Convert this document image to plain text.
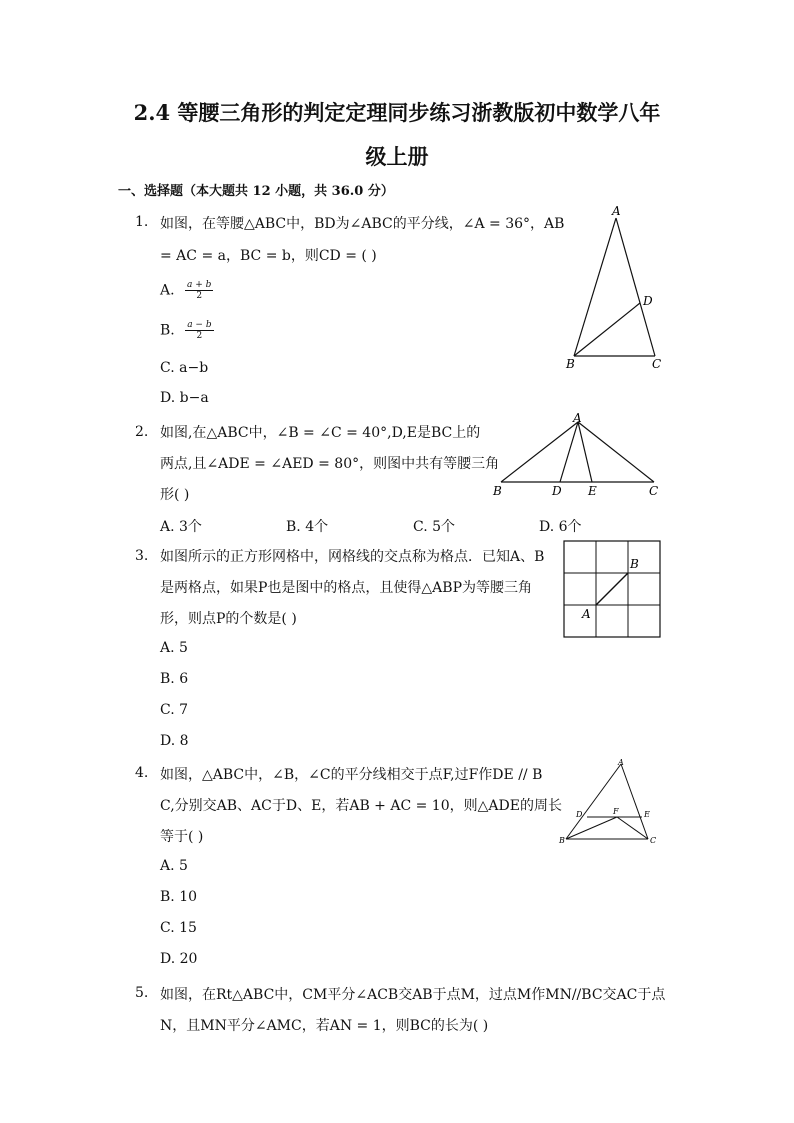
2.4 等腰三角形的判定定理同步练习浙教版初中数学八年
级上册
一、选择题（本大题共 12 小题，共 36.0 分）
1. 如图，在等腰△ABC中，BD为∠ABC的平分线，∠A = 36°，AB
= AC = a，BC = b，则CD = ( )
A. $\frac{a + b}{2}$
B. $\frac{a - b}{2}$
C. a−b
D. b−a
A
B	C
D
2. 如图,在△ABC中，∠B = ∠C = 40°,D,E是BC上的
两点,且∠ADE = ∠AED = 80°，则图中共有等腰三角
形( )
A. 3个	B. 4个	C. 5个	D. 6个
A
B	D E	C
3. 如图所示的正方形网格中，网格线的交点称为格点．已知A、B
是两格点，如果P也是图中的格点，且使得△ABP为等腰三角
形，则点P的个数是( )
A. 5
B. 6
C. 7
D. 8
B
A
4. 如图，△ABC中，∠B，∠C的平分线相交于点F,过F作DE // B
C,分别交AB、AC于D、E，若AB + AC = 10，则△ADE的周长
等于( )
A. 5
B. 10
C. 15
D. 20
A
D	F	E
B	C
5. 如图，在Rt△ABC中，CM平分∠ACB交AB于点M，过点M作MN//BC交AC于点
N，且MN平分∠AMC，若AN = 1，则BC的长为( )
